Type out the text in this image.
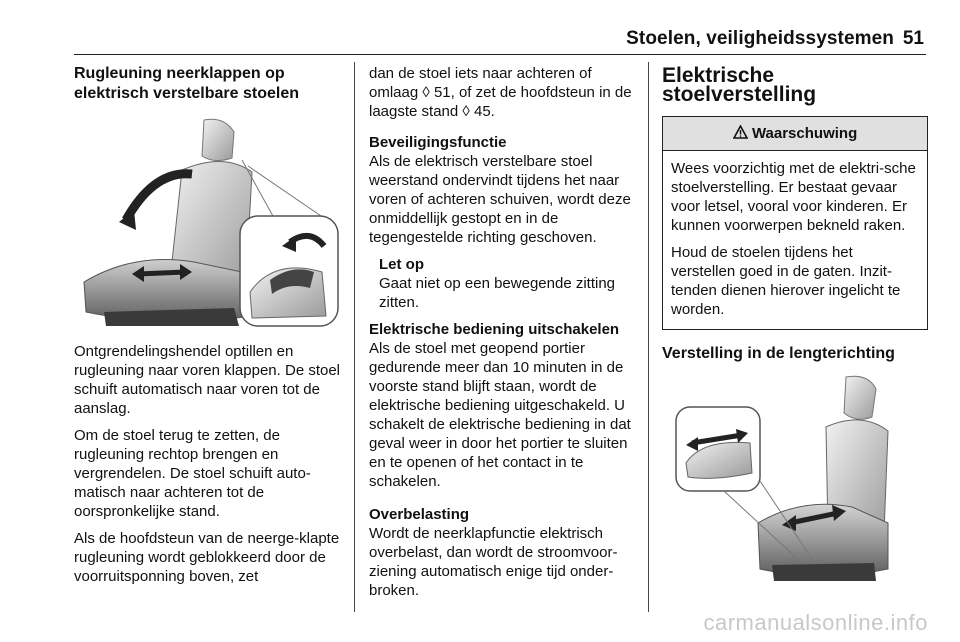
Stoelen, veiligheidssystemen 51
Rugleuning neerklappen op
elektrisch verstelbare stoelen

Ontgrendelingshendel optillen en rugleuning naar voren klappen. De stoel schuift automatisch naar voren tot de aanslag.

Om de stoel terug te zetten, de rugleuning rechtop brengen en vergrendelen. De stoel schuift auto-matisch naar achteren tot de oorspronkelijke stand.

Als de hoofdsteun van de neerge-klapte rugleuning wordt geblokkeerd door de voorruitsponning boven, zet

dan de stoel iets naar achteren of omlaag ◊ 51, of zet de hoofdsteun in de laagste stand ◊ 45.

Beveiligingsfunctie

Als de elektrisch verstelbare stoel weerstand ondervindt tijdens het naar voren of achteren schuiven, wordt deze onmiddellijk gestopt en in de tegengestelde richting geschoven.

Let op
Gaat niet op een bewegende zitting zitten.
Elektrische bediening uitschakelen

Als de stoel met geopend portier gedurende meer dan 10 minuten in de voorste stand blijft staan, wordt de elektrische bediening uitgeschakeld. U schakelt de elektrische bediening in dat geval weer in door het portier te sluiten en te openen of het contact in te schakelen.

Overbelasting

Wordt de neerklapfunctie elektrisch overbelast, dan wordt de stroomvoor-ziening automatisch enige tijd onder-broken.

Elektrische stoelverstelling
Waarschuwing

Wees voorzichtig met de elektri-sche stoelverstelling. Er bestaat gevaar voor letsel, vooral voor kinderen. Er kunnen voorwerpen bekneld raken.

Houd de stoelen tijdens het verstellen goed in de gaten. Inzit-tenden dienen hierover ingelicht te worden.

Verstelling in de lengterichting
carmanualsonline.info
